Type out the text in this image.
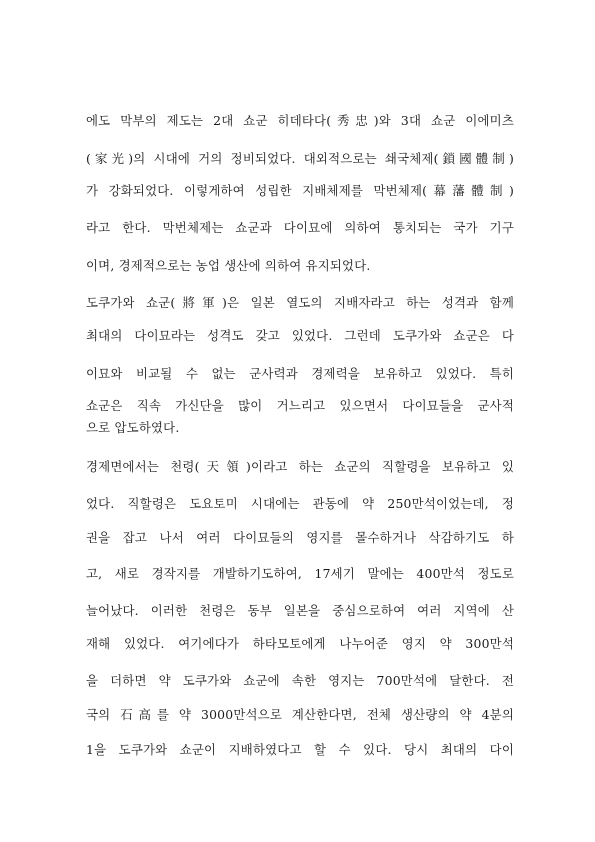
에도 막부의 제도는 2대 쇼군 히데타다(秀忠)와 3대 쇼군 이에미츠
(家光)의 시대에 거의 정비되었다. 대외적으로는 쇄국체제(鎖國體制)
가 강화되었다. 이렇게하여 성립한 지배체제를 막번체제(幕藩體制)
라고 한다. 막번체제는 쇼군과 다이묘에 의하여 통치되는 국가 기구
이며, 경제적으로는 농업 생산에 의하여 유지되었다.
도쿠가와 쇼군(將軍)은 일본 열도의 지배자라고 하는 성격과 함께
최대의 다이묘라는 성격도 갖고 있었다. 그런데 도쿠가와 쇼군은 다
이묘와 비교될 수 없는 군사력과 경제력을 보유하고 있었다. 특히
쇼군은 직속 가신단을 많이 거느리고 있으면서 다이묘들을 군사적
으로 압도하였다.
경제면에서는 천령(天領)이라고 하는 쇼군의 직할령을 보유하고 있
었다. 직할령은 도요토미 시대에는 관동에 약 250만석이었는데, 정
권을 잡고 나서 여러 다이묘들의 영지를 몰수하거나 삭감하기도 하
고, 새로 경작지를 개발하기도하여, 17세기 말에는 400만석 정도로
늘어났다. 이러한 천령은 동부 일본을 중심으로하여 여러 지역에 산
재해 있었다. 여기에다가 하타모토에게 나누어준 영지 약 300만석
을 더하면 약 도쿠가와 쇼군에 속한 영지는 700만석에 달한다. 전
국의 石高를 약 3000만석으로 계산한다면, 전체 생산량의 약 4분의
1을 도쿠가와 쇼군이 지배하였다고 할 수 있다. 당시 최대의 다이
